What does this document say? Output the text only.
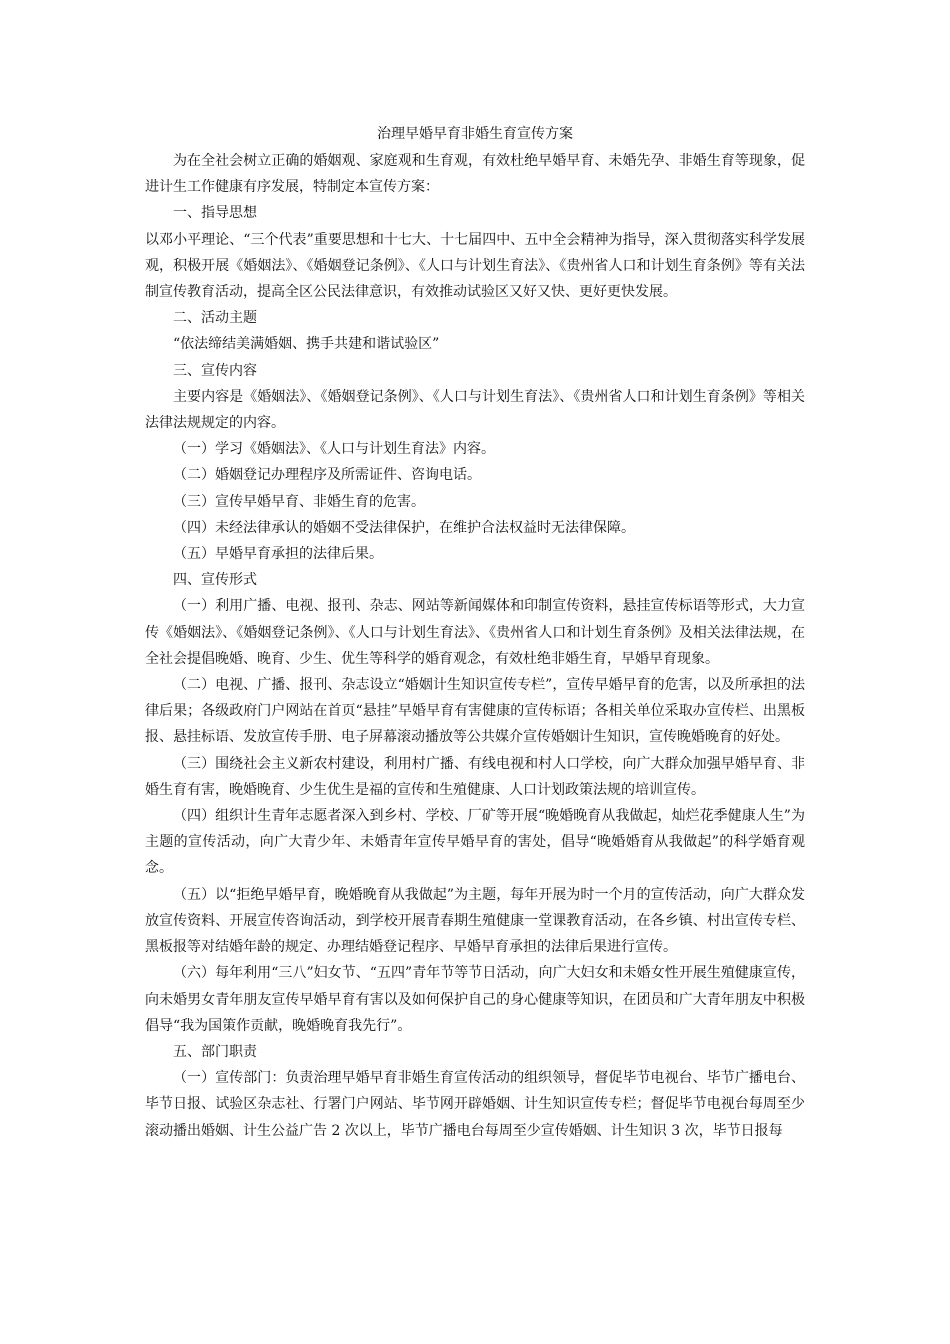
治理早婚早育非婚生育宣传方案

为在全社会树立正确的婚姻观、家庭观和生育观，有效杜绝早婚早育、未婚先孕、非婚生育等现象，促进计生工作健康有序发展，特制定本宣传方案：

一、指导思想

以邓小平理论、“三个代表”重要思想和十七大、十七届四中、五中全会精神为指导，深入贯彻落实科学发展观，积极开展《婚姻法》、《婚姻登记条例》、《人口与计划生育法》、《贵州省人口和计划生育条例》等有关法制宣传教育活动，提高全区公民法律意识，有效推动试验区又好又快、更好更快发展。

二、活动主题

“依法缔结美满婚姻、携手共建和谐试验区”

三、宣传内容

主要内容是《婚姻法》、《婚姻登记条例》、《人口与计划生育法》、《贵州省人口和计划生育条例》等相关法律法规规定的内容。

（一）学习《婚姻法》、《人口与计划生育法》内容。

（二）婚姻登记办理程序及所需证件、咨询电话。

（三）宣传早婚早育、非婚生育的危害。

（四）未经法律承认的婚姻不受法律保护，在维护合法权益时无法律保障。

（五）早婚早育承担的法律后果。

四、宣传形式

（一）利用广播、电视、报刊、杂志、网站等新闻媒体和印制宣传资料，悬挂宣传标语等形式，大力宣传《婚姻法》、《婚姻登记条例》、《人口与计划生育法》、《贵州省人口和计划生育条例》及相关法律法规，在全社会提倡晚婚、晚育、少生、优生等科学的婚育观念，有效杜绝非婚生育，早婚早育现象。

（二）电视、广播、报刊、杂志设立“婚姻计生知识宣传专栏”，宣传早婚早育的危害，以及所承担的法律后果；各级政府门户网站在首页“悬挂”早婚早育有害健康的宣传标语；各相关单位采取办宣传栏、出黑板报、悬挂标语、发放宣传手册、电子屏幕滚动播放等公共媒介宣传婚姻计生知识，宣传晚婚晚育的好处。

（三）围绕社会主义新农村建设，利用村广播、有线电视和村人口学校，向广大群众加强早婚早育、非婚生育有害，晚婚晚育、少生优生是福的宣传和生殖健康、人口计划政策法规的培训宣传。

（四）组织计生青年志愿者深入到乡村、学校、厂矿等开展“晚婚晚育从我做起，灿烂花季健康人生”为主题的宣传活动，向广大青少年、未婚青年宣传早婚早育的害处，倡导“晚婚婚育从我做起”的科学婚育观念。

（五）以“拒绝早婚早育，晚婚晚育从我做起”为主题，每年开展为时一个月的宣传活动，向广大群众发放宣传资料、开展宣传咨询活动，到学校开展青春期生殖健康一堂课教育活动，在各乡镇、村出宣传专栏、黑板报等对结婚年龄的规定、办理结婚登记程序、早婚早育承担的法律后果进行宣传。

（六）每年利用“三八”妇女节、“五四”青年节等节日活动，向广大妇女和未婚女性开展生殖健康宣传，向未婚男女青年朋友宣传早婚早育有害以及如何保护自己的身心健康等知识，在团员和广大青年朋友中积极倡导“我为国策作贡献，晚婚晚育我先行”。

五、部门职责

（一）宣传部门：负责治理早婚早育非婚生育宣传活动的组织领导，督促毕节电视台、毕节广播电台、毕节日报、试验区杂志社、行署门户网站、毕节网开辟婚姻、计生知识宣传专栏；督促毕节电视台每周至少滚动播出婚姻、计生公益广告 2 次以上，毕节广播电台每周至少宣传婚姻、计生知识 3 次，毕节日报每
